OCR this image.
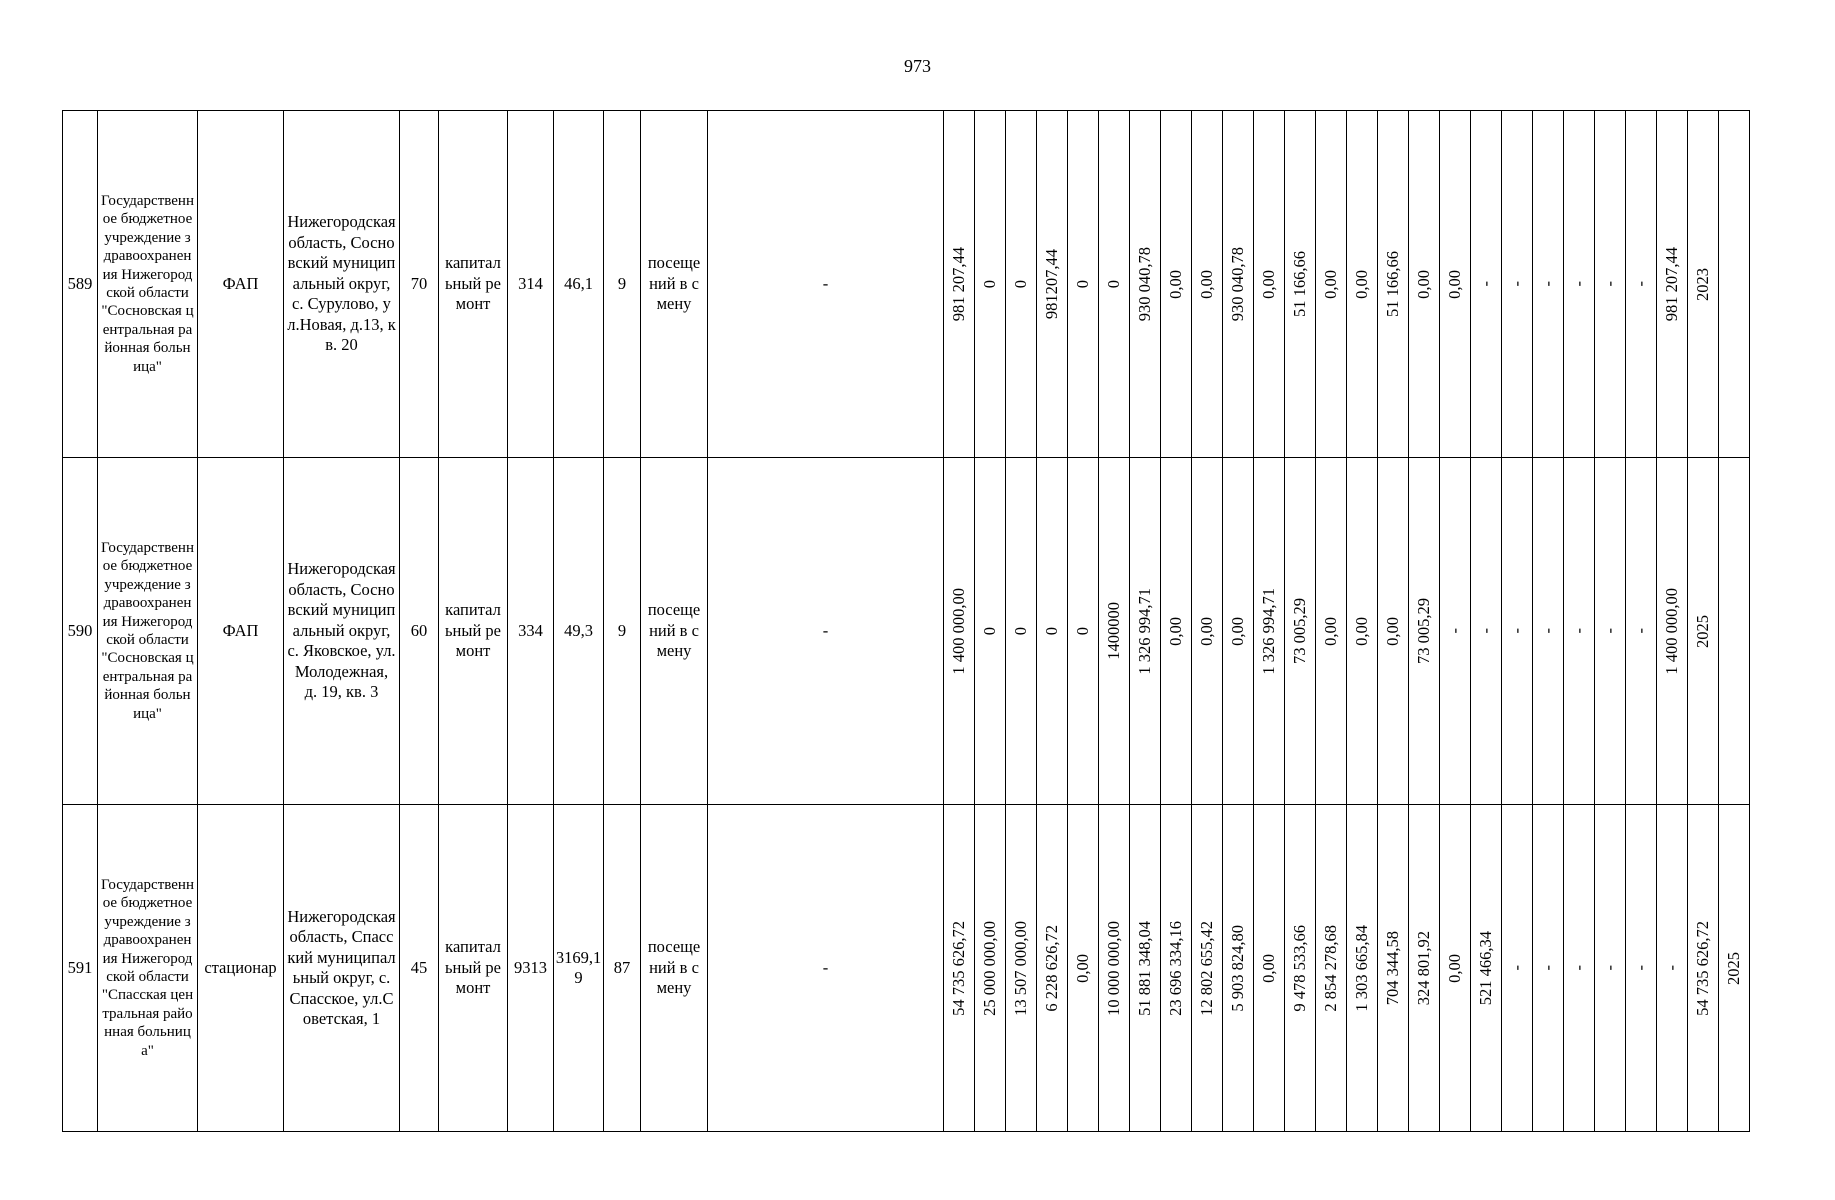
973
589	Государственное бюджетное учреждение здравоохранения Нижегородской области "Сосновская центральная районная больница"	ФАП	Нижегородская область, Сосновский муниципальный округ, с. Сурулово, ул.Новая, д.13, кв. 20	70	капитальный ремонт	314	46,1	9	посещений в смену	-	981 207,44	0	0	981207,44	0	0	930 040,78	0,00	0,00	930 040,78	0,00	51 166,66	0,00	0,00	51 166,66	0,00	0,00	-	-	-	-	-	-	981 207,44	2023	

590	Государственное бюджетное учреждение здравоохранения Нижегородской области "Сосновская центральная районная больница"	ФАП	Нижегородская область, Сосновский муниципальный округ, с. Яковское, ул.Молодежная, д. 19, кв. 3	60	капитальный ремонт	334	49,3	9	посещений в смену	-	1 400 000,00	0	0	0	0	1400000	1 326 994,71	0,00	0,00	0,00	1 326 994,71	73 005,29	0,00	0,00	0,00	73 005,29	-	-	-	-	-	-	-	1 400 000,00	2025	

591	Государственное бюджетное учреждение здравоохранения Нижегородской области "Спасская центральная районная больница"	стационар	Нижегородская область, Спасский муниципальный округ, с. Спасское, ул.Советская, 1	45	капитальный ремонт	9313	3169,19	87	посещений в смену	-	54 735 626,72	25 000 000,00	13 507 000,00	6 228 626,72	0,00	10 000 000,00	51 881 348,04	23 696 334,16	12 802 655,42	5 903 824,80	0,00	9 478 533,66	2 854 278,68	1 303 665,84	704 344,58	324 801,92	0,00	521 466,34	-	-	-	-	-	-	54 735 626,72	2025
